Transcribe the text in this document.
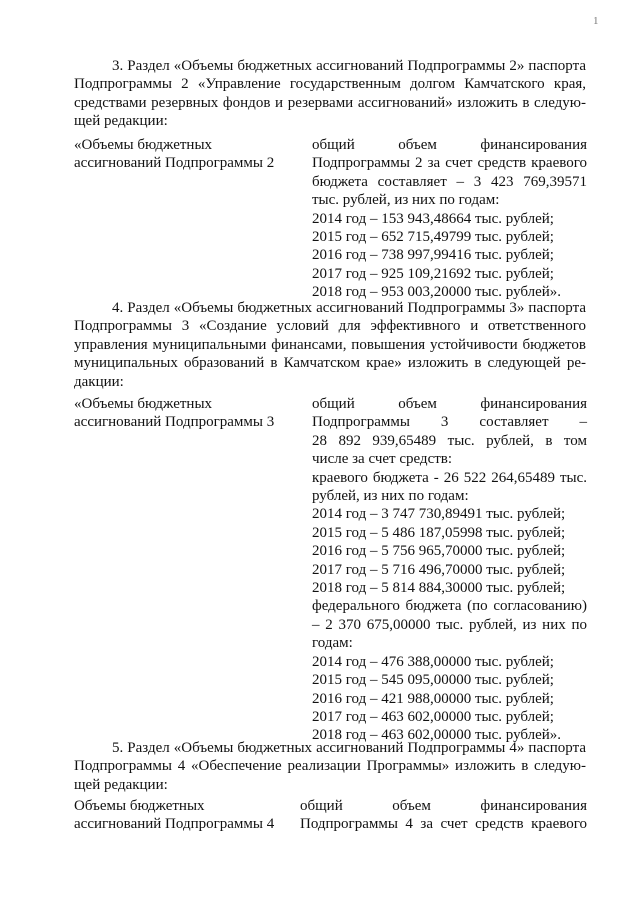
1
3. Раздел «Объемы бюджетных ассигнований Подпрограммы 2» паспорта
Подпрограммы 2 «Управление государственным долгом Камчатского края,
средствами резервных фондов и резервами ассигнований» изложить в следую-
щей редакции:
«Объемы бюджетных
ассигнований Подпрограммы 2
общий объем финансирования
Подпрограммы 2 за счет средств краевого
бюджета составляет – 3 423 769,39571
тыс. рублей, из них по годам:
2014 год – 153 943,48664 тыс. рублей;
2015 год – 652 715,49799 тыс. рублей;
2016 год – 738 997,99416 тыс. рублей;
2017 год – 925 109,21692 тыс. рублей;
2018 год – 953 003,20000 тыс. рублей».
4. Раздел «Объемы бюджетных ассигнований Подпрограммы 3» паспорта
Подпрограммы 3 «Создание условий для эффективного и ответственного
управления муниципальными финансами, повышения устойчивости бюджетов
муниципальных образований в Камчатском крае» изложить в следующей ре-
дакции:
«Объемы бюджетных
ассигнований Подпрограммы 3
общий объем финансирования
Подпрограммы 3 составляет –
28 892 939,65489 тыс. рублей, в том
числе за счет средств:
краевого бюджета - 26 522 264,65489 тыс.
рублей, из них по годам:
2014 год – 3 747 730,89491 тыс. рублей;
2015 год – 5 486 187,05998 тыс. рублей;
2016 год – 5 756 965,70000 тыс. рублей;
2017 год – 5 716 496,70000 тыс. рублей;
2018 год – 5 814 884,30000 тыс. рублей;
федерального бюджета (по согласованию)
– 2 370 675,00000 тыс. рублей, из них по
годам:
2014 год – 476 388,00000 тыс. рублей;
2015 год – 545 095,00000 тыс. рублей;
2016 год – 421 988,00000 тыс. рублей;
2017 год – 463 602,00000 тыс. рублей;
2018 год – 463 602,00000 тыс. рублей».
5. Раздел «Объемы бюджетных ассигнований Подпрограммы 4» паспорта
Подпрограммы 4 «Обеспечение реализации Программы» изложить в следую-
щей редакции:
Объемы бюджетных
ассигнований Подпрограммы 4
общий объем финансирования
Подпрограммы 4 за счет средств краевого
